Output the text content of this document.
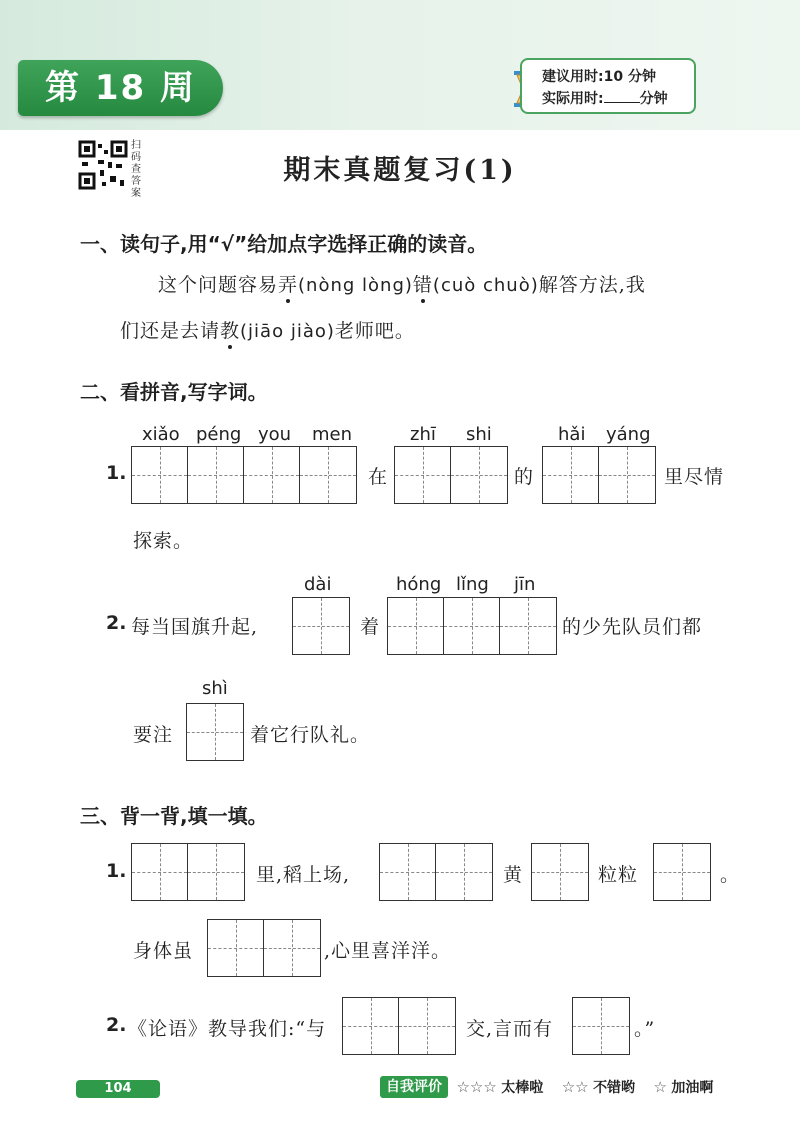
第 18 周	建议用时:10 分钟
实际用时:	分钟
扫码查答案
期末真题复习(1)
一、读句子,用“√”给加点字选择正确的读音。
这个问题容易弄(nòng lòng)错(cuò chuò)解答方法,我
们还是去请教(jiāo jiào)老师吧。
二、看拼音,写字词。
xiǎo péng you men	zhī shi	hǎi yáng
1.	在	的	里尽情
探索。
dài	hóng lǐng jīn
2. 每当国旗升起,	着	的少先队员们都
shì
要注	着它行队礼。
三、背一背,填一填。
1.	里,稻上场,	黄	粒粒	。
身体虽	,心里喜洋洋。
2. 《论语》教导我们:“与	交,言而有	。”
104	自我评价 ☆☆☆ 太棒啦 ☆☆ 不错哟 ☆ 加油啊
